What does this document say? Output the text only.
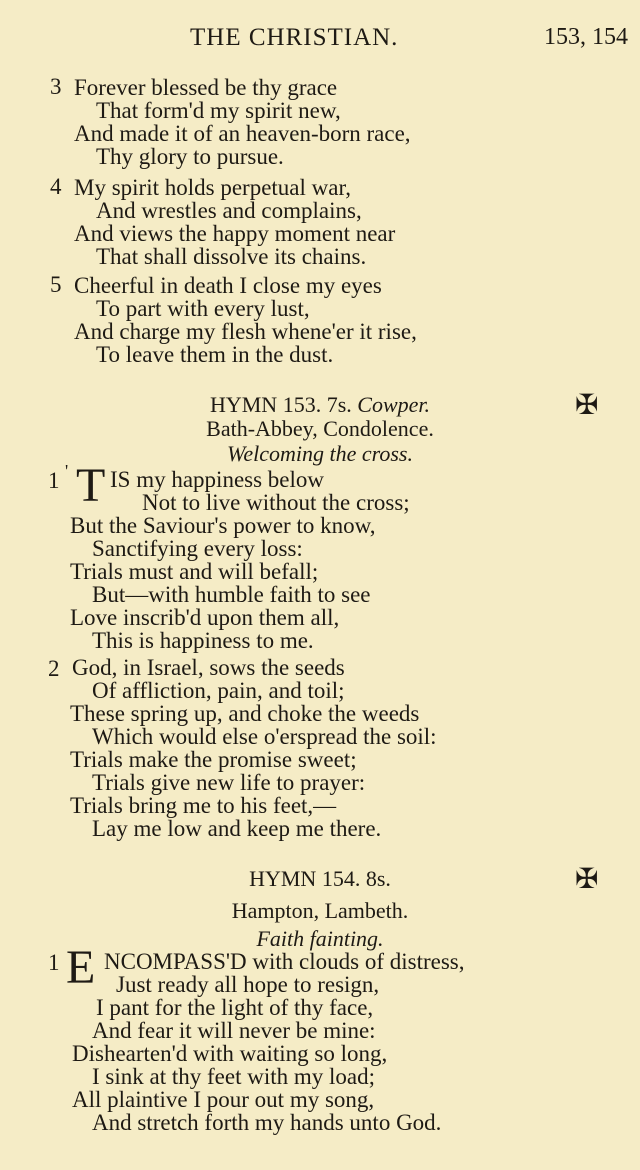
THE CHRISTIAN.	153, 154
3 Forever blessed be thy grace
That form'd my spirit new,
And made it of an heaven-born race,
Thy glory to pursue.
4 My spirit holds perpetual war,
And wrestles and complains,
And views the happy moment near
That shall dissolve its chains.
5 Cheerful in death I close my eyes
To part with every lust,
And charge my flesh whene'er it rise,
To leave them in the dust.
HYMN 153. 7s. Cowper.	✠
Bath-Abbey, Condolence.
Welcoming the cross.
1 ' T IS my happiness below
Not to live without the cross;
But the Saviour's power to know,
Sanctifying every loss:
Trials must and will befall;
But—with humble faith to see
Love inscrib'd upon them all,
This is happiness to me.
2 God, in Israel, sows the seeds
Of affliction, pain, and toil;
These spring up, and choke the weeds
Which would else o'erspread the soil:
Trials make the promise sweet;
Trials give new life to prayer:
Trials bring me to his feet,—
Lay me low and keep me there.
HYMN 154. 8s.	✠
Hampton, Lambeth.
Faith fainting.
1 E NCOMPASS'D with clouds of distress,
Just ready all hope to resign,
I pant for the light of thy face,
And fear it will never be mine:
Dishearten'd with waiting so long,
I sink at thy feet with my load;
All plaintive I pour out my song,
And stretch forth my hands unto God.
